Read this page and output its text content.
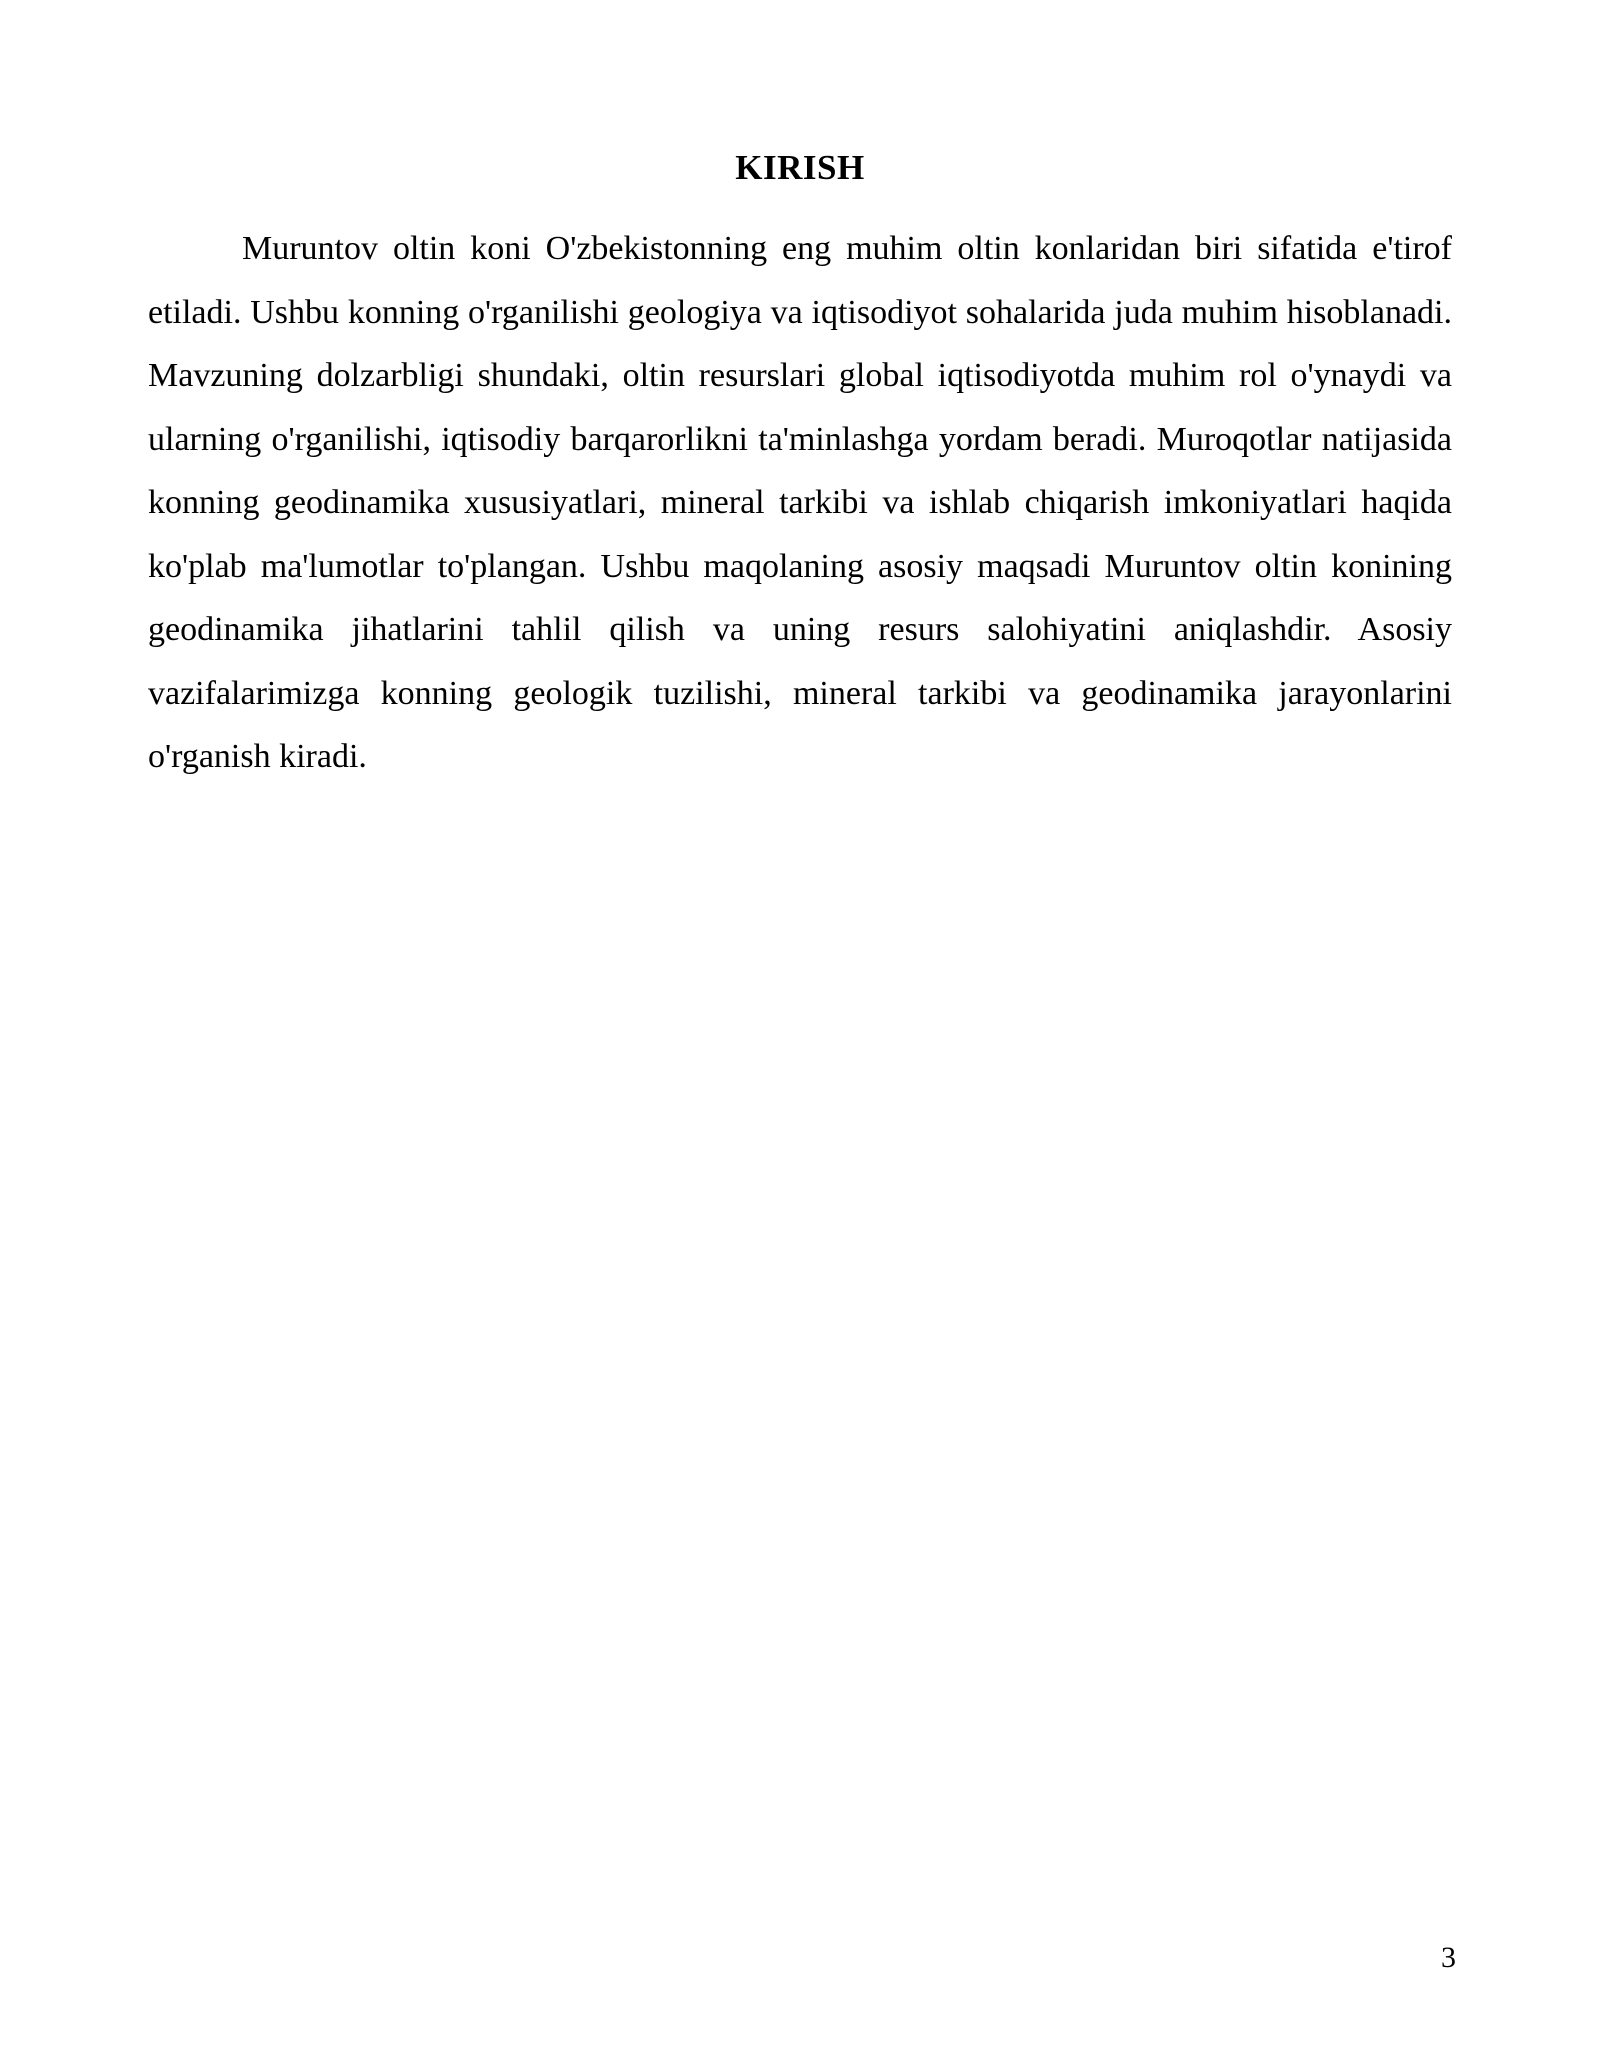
KIRISH

Muruntov oltin koni O'zbekistonning eng muhim oltin konlaridan biri sifatida e'tirof etiladi. Ushbu konning o'rganilishi geologiya va iqtisodiyot sohalarida juda muhim hisoblanadi. Mavzuning dolzarbligi shundaki, oltin resurslari global iqtisodiyotda muhim rol o'ynaydi va ularning o'rganilishi, iqtisodiy barqarorlikni ta'minlashga yordam beradi. Muroqotlar natijasida konning geodinamika xususiyatlari, mineral tarkibi va ishlab chiqarish imkoniyatlari haqida ko'plab ma'lumotlar to'plangan. Ushbu maqolaning asosiy maqsadi Muruntov oltin konining geodinamika jihatlarini tahlil qilish va uning resurs salohiyatini aniqlashdir. Asosiy vazifalarimizga konning geologik tuzilishi, mineral tarkibi va geodinamika jarayonlarini o'rganish kiradi.

3
